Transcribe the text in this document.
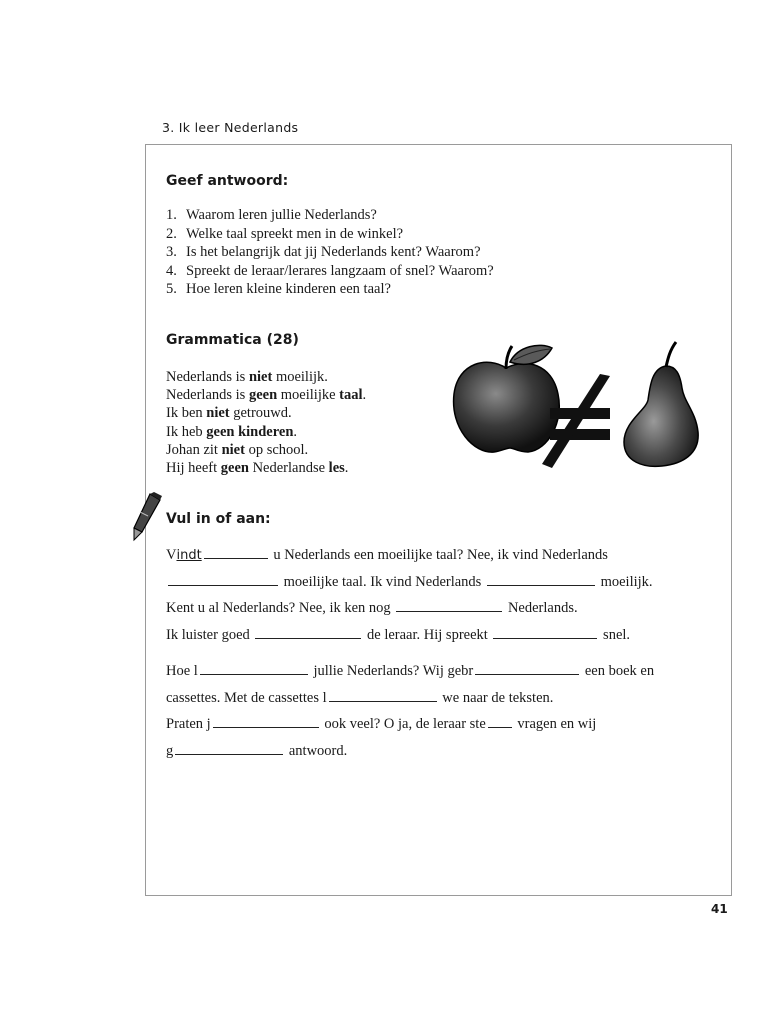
3. Ik leer Nederlands
Geef antwoord:
1. Waarom leren jullie Nederlands?
2. Welke taal spreekt men in de winkel?
3. Is het belangrijk dat jij Nederlands kent? Waarom?
4. Spreekt de leraar/lerares langzaam of snel? Waarom?
5. Hoe leren kleine kinderen een taal?
Grammatica (28)
Nederlands is niet moeilijk.
Nederlands is geen moeilijke taal.
Ik ben niet getrouwd.
Ik heb geen kinderen.
Johan zit niet op school.
Hij heeft geen Nederlandse les.
Vul in of aan:
Vindt	u Nederlands een moeilijke taal? Nee, ik vind Nederlands
moeilijke taal. Ik vind Nederlands	moeilijk.
Kent u al Nederlands? Nee, ik ken nog	Nederlands.
Ik luister goed	de leraar. Hij spreekt	snel.
Hoe l	jullie Nederlands? Wij gebr	een boek en
cassettes. Met de cassettes l	we naar de teksten.
Praten j	ook veel? O ja, de leraar ste vragen en wij
g	antwoord.
41
